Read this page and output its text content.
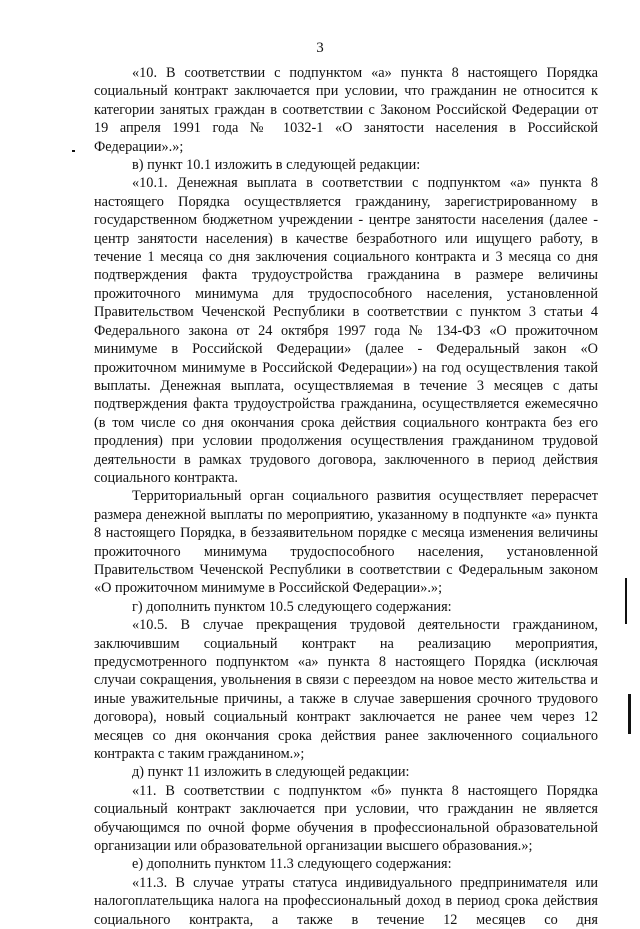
3

«10. В соответствии с подпунктом «а» пункта 8 настоящего Порядка социальный контракт заключается при условии, что гражданин не относится к категории занятых граждан в соответствии с Законом Российской Федерации от 19 апреля 1991 года № 1032-1 «О занятости населения в Российской Федерации».»;

в) пункт 10.1 изложить в следующей редакции:

«10.1. Денежная выплата в соответствии с подпунктом «а» пункта 8 настоящего Порядка осуществляется гражданину, зарегистрированному в государственном бюджетном учреждении - центре занятости населения (далее - центр занятости населения) в качестве безработного или ищущего работу, в течение 1 месяца со дня заключения социального контракта и 3 месяца со дня подтверждения факта трудоустройства гражданина в размере величины прожиточного минимума для трудоспособного населения, установленной Правительством Чеченской Республики в соответствии с пунктом 3 статьи 4 Федерального закона от 24 октября 1997 года № 134-ФЗ «О прожиточном минимуме в Российской Федерации» (далее - Федеральный закон «О прожиточном минимуме в Российской Федерации») на год осуществления такой выплаты. Денежная выплата, осуществляемая в течение 3 месяцев с даты подтверждения факта трудоустройства гражданина, осуществляется ежемесячно (в том числе со дня окончания срока действия социального контракта без его продления) при условии продолжения осуществления гражданином трудовой деятельности в рамках трудового договора, заключенного в период действия социального контракта.

Территориальный орган социального развития осуществляет перерасчет размера денежной выплаты по мероприятию, указанному в подпункте «а» пункта 8 настоящего Порядка, в беззаявительном порядке с месяца изменения величины прожиточного минимума трудоспособного населения, установленной Правительством Чеченской Республики в соответствии с Федеральным законом «О прожиточном минимуме в Российской Федерации».»;

г) дополнить пунктом 10.5 следующего содержания:

«10.5. В случае прекращения трудовой деятельности гражданином, заключившим социальный контракт на реализацию мероприятия, предусмотренного подпунктом «а» пункта 8 настоящего Порядка (исключая случаи сокращения, увольнения в связи с переездом на новое место жительства и иные уважительные причины, а также в случае завершения срочного трудового договора), новый социальный контракт заключается не ранее чем через 12 месяцев со дня окончания срока действия ранее заключенного социального контракта с таким гражданином.»;

д) пункт 11 изложить в следующей редакции:

«11. В соответствии с подпунктом «б» пункта 8 настоящего Порядка социальный контракт заключается при условии, что гражданин не является обучающимся по очной форме обучения в профессиональной образовательной организации или образовательной организации высшего образования.»;

е) дополнить пунктом 11.3 следующего содержания:

«11.3. В случае утраты статуса индивидуального предпринимателя или налогоплательщика налога на профессиональный доход в период срока действия социального контракта, а также в течение 12 месяцев со дня
